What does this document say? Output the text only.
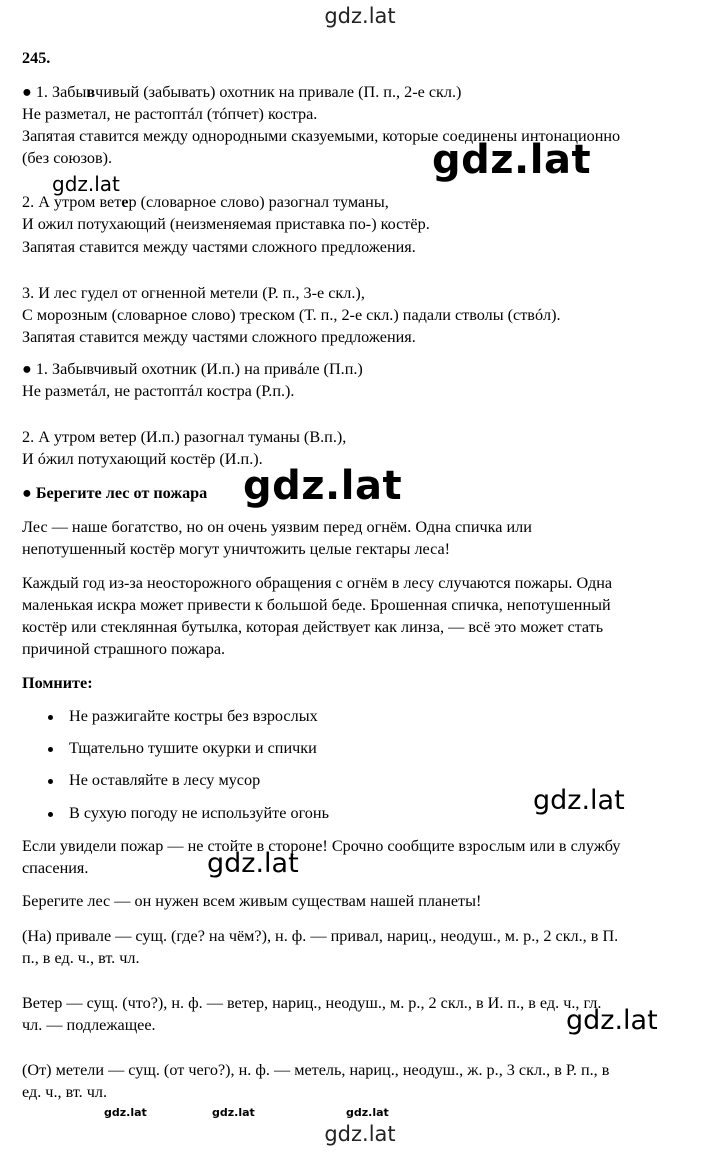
gdz.lat
gdz.lat
gdz.lat
gdz.lat
gdz.lat
gdz.lat
gdz.lat
gdz.lat	gdz.lat	gdz.lat
gdz.lat
245.
● 1. Забывчивый (забывать) охотник на привале (П. п., 2-е скл.)
Не разметал, не растоптáл (тóпчет) костра.
Запятая ставится между однородными сказуемыми, которые соединены интонационно
(без союзов).
2. А утром ветер (словарное слово) разогнал туманы,
И ожил потухающий (неизменяемая приставка по-) костёр.
Запятая ставится между частями сложного предложения.
3. И лес гудел от огненной метели (Р. п., 3-е скл.),
С морозным (словарное слово) треском (Т. п., 2-е скл.) падали стволы (ствóл).
Запятая ставится между частями сложного предложения.
● 1. Забывчивый охотник (И.п.) на привáле (П.п.)
Не разметáл, не растоптáл костра (Р.п.).
2. А утром ветер (И.п.) разогнал туманы (В.п.),
И óжил потухающий костёр (И.п.).
● Берегите лес от пожара
Лес — наше богатство, но он очень уязвим перед огнём. Одна спичка или
непотушенный костёр могут уничтожить целые гектары леса!
Каждый год из-за неосторожного обращения с огнём в лесу случаются пожары. Одна
маленькая искра может привести к большой беде. Брошенная спичка, непотушенный
костёр или стеклянная бутылка, которая действует как линза, — всё это может стать
причиной страшного пожара.
Помните:
Не разжигайте костры без взрослых
Тщательно тушите окурки и спички
Не оставляйте в лесу мусор
В сухую погоду не используйте огонь
Если увидели пожар — не стойте в стороне! Срочно сообщите взрослым или в службу
спасения.
Берегите лес — он нужен всем живым существам нашей планеты!
(На) привале — сущ. (где? на чём?), н. ф. — привал, нариц., неодуш., м. р., 2 скл., в П.
п., в ед. ч., вт. чл.
Ветер — сущ. (что?), н. ф. — ветер, нариц., неодуш., м. р., 2 скл., в И. п., в ед. ч., гл.
чл. — подлежащее.
(От) метели — сущ. (от чего?), н. ф. — метель, нариц., неодуш., ж. р., 3 скл., в Р. п., в
ед. ч., вт. чл.
